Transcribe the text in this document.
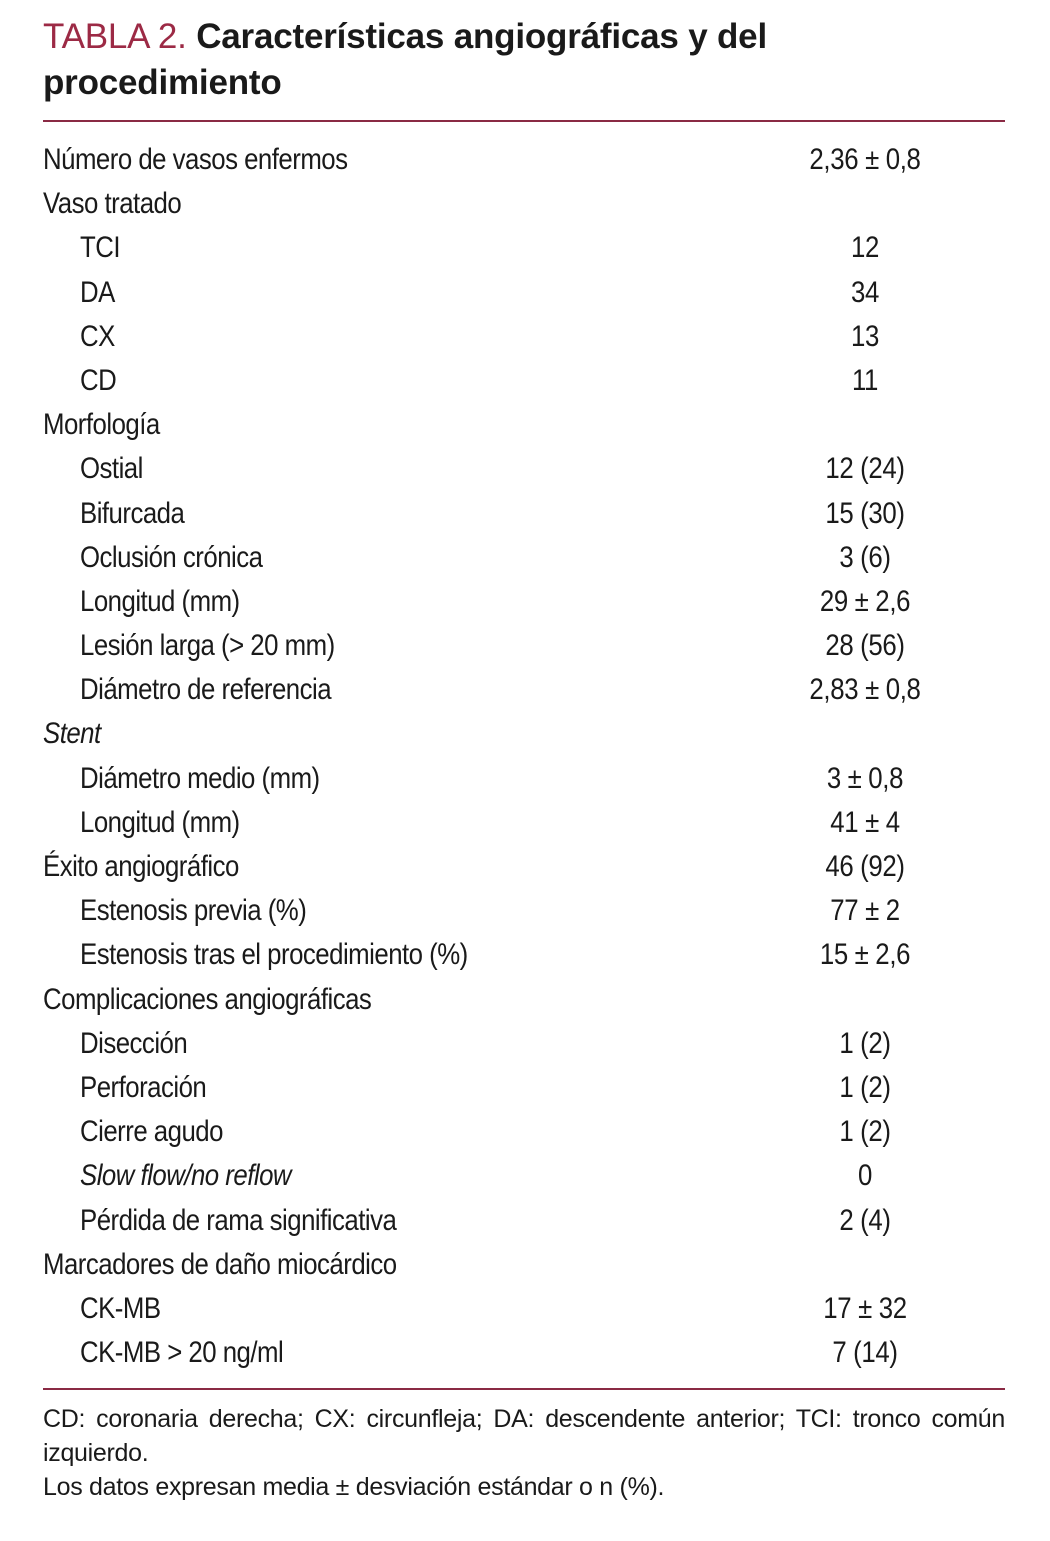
TABLA 2. Características angiográficas y del procedimiento
Número de vasos enfermos	2,36 ± 0,8
Vaso tratado
TCI	12
DA	34
CX	13
CD	11
Morfología
Ostial	12 (24)
Bifurcada	15 (30)
Oclusión crónica	3 (6)
Longitud (mm)	29 ± 2,6
Lesión larga (> 20 mm)	28 (56)
Diámetro de referencia	2,83 ± 0,8
Stent
Diámetro medio (mm)	3 ± 0,8
Longitud (mm)	41 ± 4
Éxito angiográfico	46 (92)
Estenosis previa (%)	77 ± 2
Estenosis tras el procedimiento (%)	15 ± 2,6
Complicaciones angiográficas
Disección	1 (2)
Perforación	1 (2)
Cierre agudo	1 (2)
Slow flow/no reflow	0
Pérdida de rama significativa	2 (4)
Marcadores de daño miocárdico
CK-MB	17 ± 32
CK-MB > 20 ng/ml	7 (14)

CD: coronaria derecha; CX: circunfleja; DA: descendente anterior; TCI: tronco común izquierdo.

Los datos expresan media ± desviación estándar o n (%).
